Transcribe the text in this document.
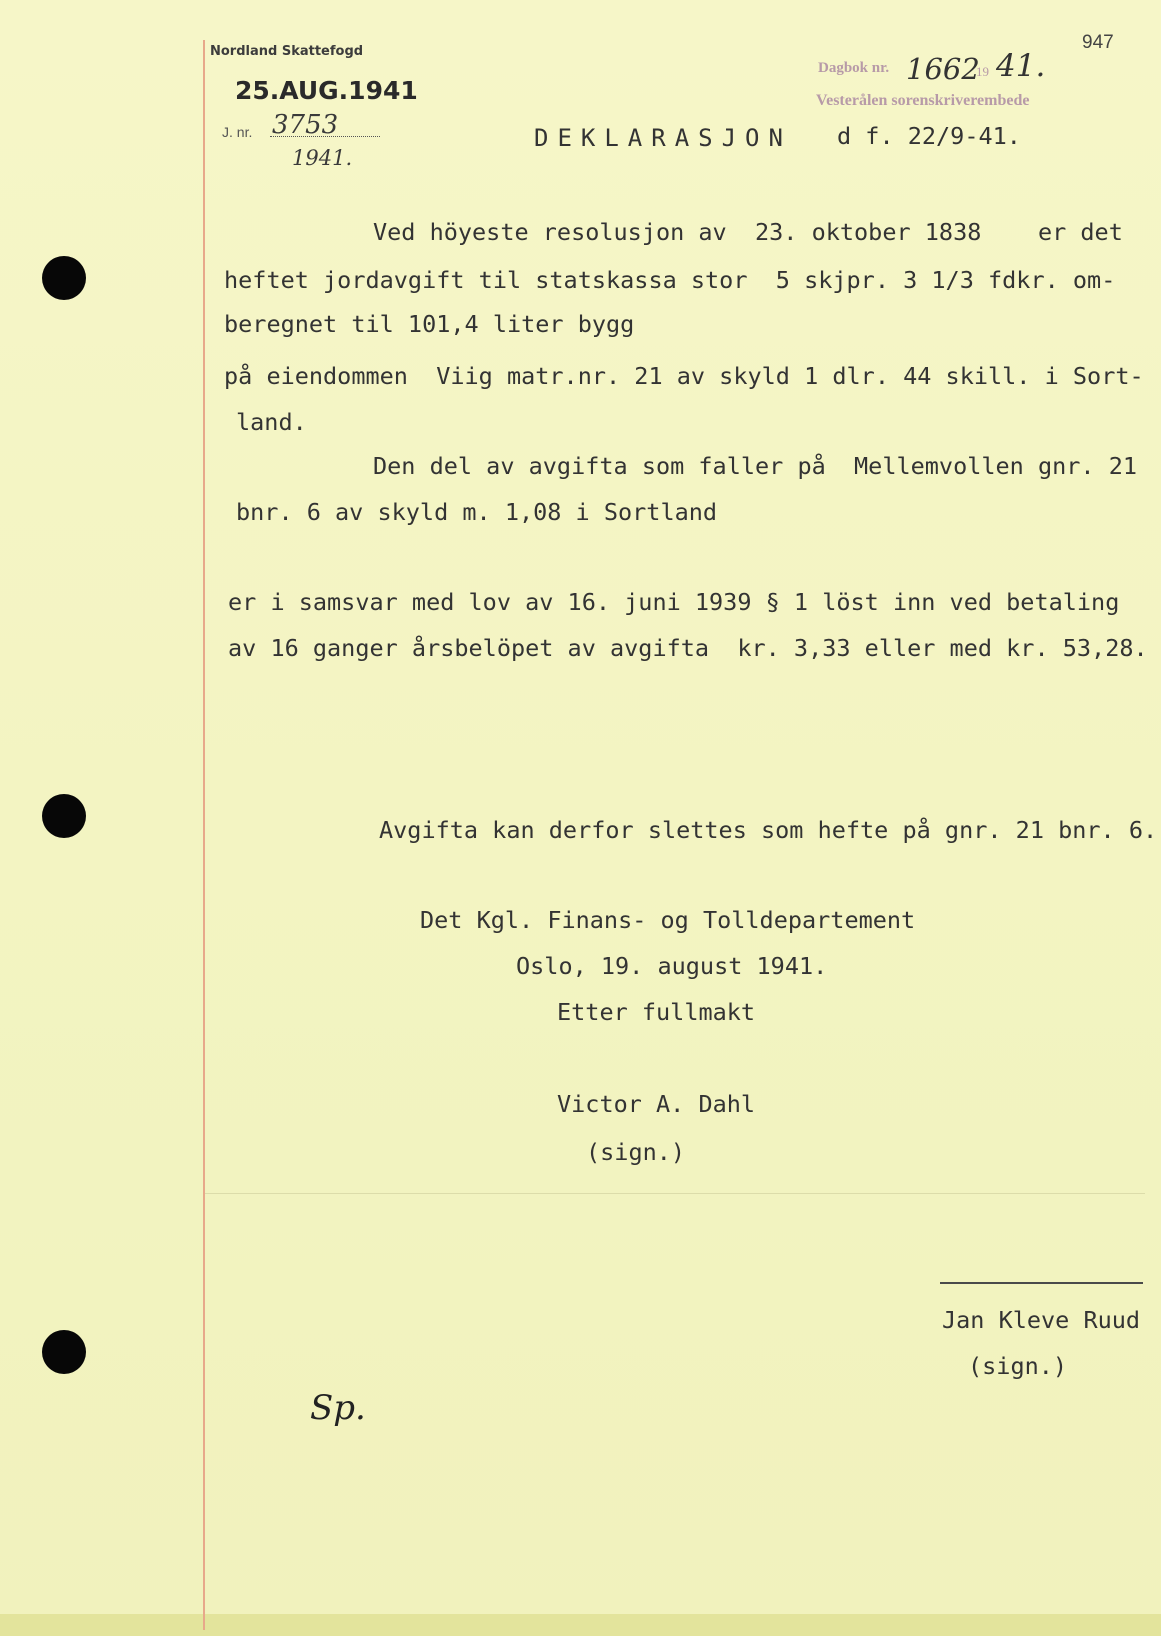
947
Nordland Skattefogd
25.AUG.1941
J. nr. 3753
1941.
Dagbok nr. 1662
19 41.
Vesterålen sorenskriverembede
DEKLARASJON d f. 22/9-41.
Ved höyeste resolusjon av  23. oktober 1838    er det
heftet jordavgift til statskassa stor  5 skjpr. 3 1/3 fdkr. om-
beregnet til 101,4 liter bygg
på eiendommen  Viig matr.nr. 21 av skyld 1 dlr. 44 skill. i Sort-
land.
Den del av avgifta som faller på  Mellemvollen gnr. 21
bnr. 6 av skyld m. 1,08 i Sortland
er i samsvar med lov av 16. juni 1939 § 1 löst inn ved betaling
av 16 ganger årsbelöpet av avgifta  kr. 3,33 eller med kr. 53,28.
Avgifta kan derfor slettes som hefte på gnr. 21 bnr. 6.
Det Kgl. Finans- og Tolldepartement
Oslo, 19. august 1941.
Etter fullmakt
Victor A. Dahl
(sign.)
Jan Kleve Ruud
(sign.)
Sp.
